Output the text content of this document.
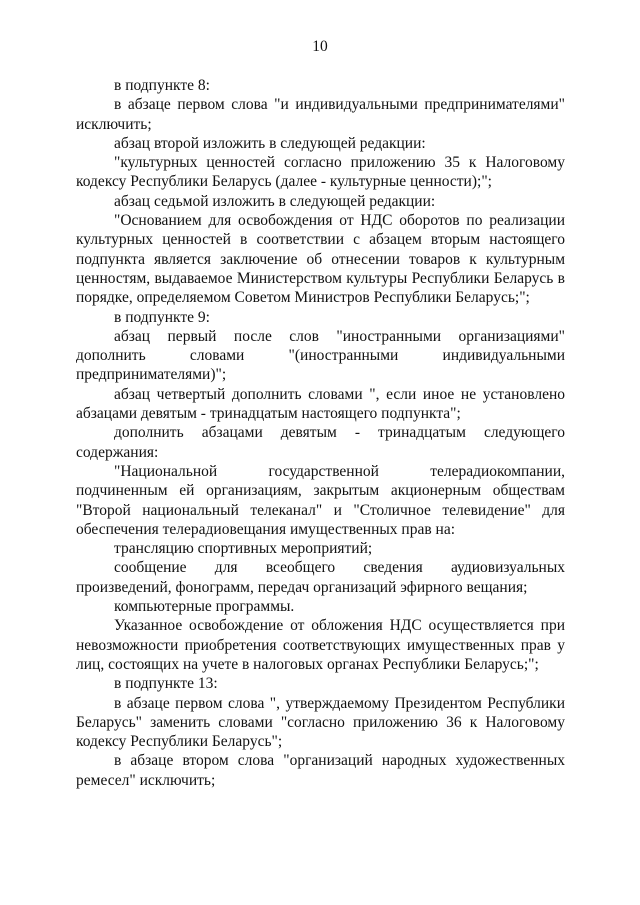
10

в подпункте 8:

в абзаце первом слова "и индивидуальными предпринимателями" исключить;

абзац второй изложить в следующей редакции:

"культурных ценностей согласно приложению 35 к Налоговому кодексу Республики Беларусь (далее - культурные ценности);";

абзац седьмой изложить в следующей редакции:

"Основанием для освобождения от НДС оборотов по реализации культурных ценностей в соответствии с абзацем вторым настоящего подпункта является заключение об отнесении товаров к культурным ценностям, выдаваемое Министерством культуры Республики Беларусь в порядке, определяемом Советом Министров Республики Беларусь;";

в подпункте 9:

абзац первый после слов "иностранными организациями" дополнить словами "(иностранными индивидуальными предпринимателями)";

абзац четвертый дополнить словами ", если иное не установлено абзацами девятым - тринадцатым настоящего подпункта";

дополнить абзацами девятым - тринадцатым следующего содержания:

"Национальной государственной телерадиокомпании, подчиненным ей организациям, закрытым акционерным обществам "Второй национальный телеканал" и "Столичное телевидение" для обеспечения телерадиовещания имущественных прав на:

трансляцию спортивных мероприятий;

сообщение для всеобщего сведения аудиовизуальных произведений, фонограмм, передач организаций эфирного вещания;

компьютерные программы.

Указанное освобождение от обложения НДС осуществляется при невозможности приобретения соответствующих имущественных прав у лиц, состоящих на учете в налоговых органах Республики Беларусь;";

в подпункте 13:

в абзаце первом слова ", утверждаемому Президентом Республики Беларусь" заменить словами "согласно приложению 36 к Налоговому кодексу Республики Беларусь";

в абзаце втором слова "организаций народных художественных ремесел" исключить;
